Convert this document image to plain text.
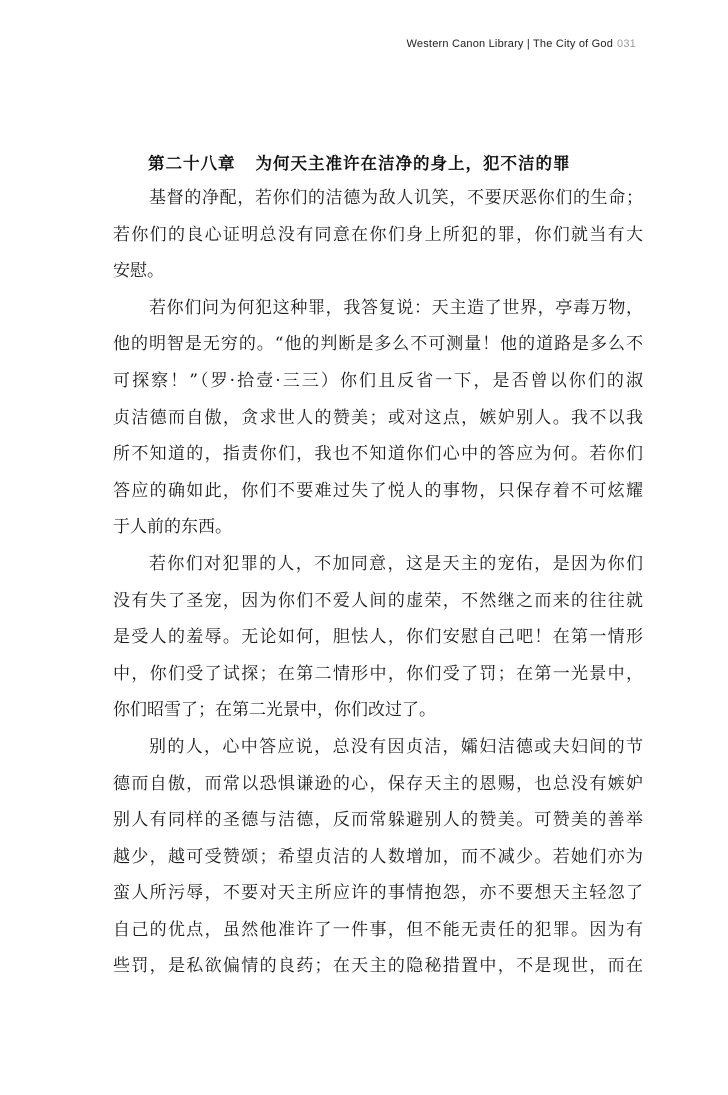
Western Canon Library | The City of God 031
第二十八章 为何天主准许在洁净的身上，犯不洁的罪
基督的净配，若你们的洁德为敌人讥笑，不要厌恶你们的生命；
若你们的良心证明总没有同意在你们身上所犯的罪，你们就当有大
安慰。
若你们问为何犯这种罪，我答复说：天主造了世界，亭毒万物，
他的明智是无穷的。“他的判断是多么不可测量！他的道路是多么不
可探察！”（罗·拾壹·三三）你们且反省一下，是否曾以你们的淑
贞洁德而自傲，贪求世人的赞美；或对这点，嫉妒别人。我不以我
所不知道的，指责你们，我也不知道你们心中的答应为何。若你们
答应的确如此，你们不要难过失了悦人的事物，只保存着不可炫耀
于人前的东西。
若你们对犯罪的人，不加同意，这是天主的宠佑，是因为你们
没有失了圣宠，因为你们不爱人间的虚荣，不然继之而来的往往就
是受人的羞辱。无论如何，胆怯人，你们安慰自己吧！在第一情形
中，你们受了试探；在第二情形中，你们受了罚；在第一光景中，
你们昭雪了；在第二光景中，你们改过了。
别的人，心中答应说，总没有因贞洁，孀妇洁德或夫妇间的节
德而自傲，而常以恐惧谦逊的心，保存天主的恩赐，也总没有嫉妒
别人有同样的圣德与洁德，反而常躲避别人的赞美。可赞美的善举
越少，越可受赞颂；希望贞洁的人数增加，而不减少。若她们亦为
蛮人所污辱，不要对天主所应许的事情抱怨，亦不要想天主轻忽了
自己的优点，虽然他准许了一件事，但不能无责任的犯罪。因为有
些罚，是私欲偏情的良药；在天主的隐秘措置中，不是现世，而在
